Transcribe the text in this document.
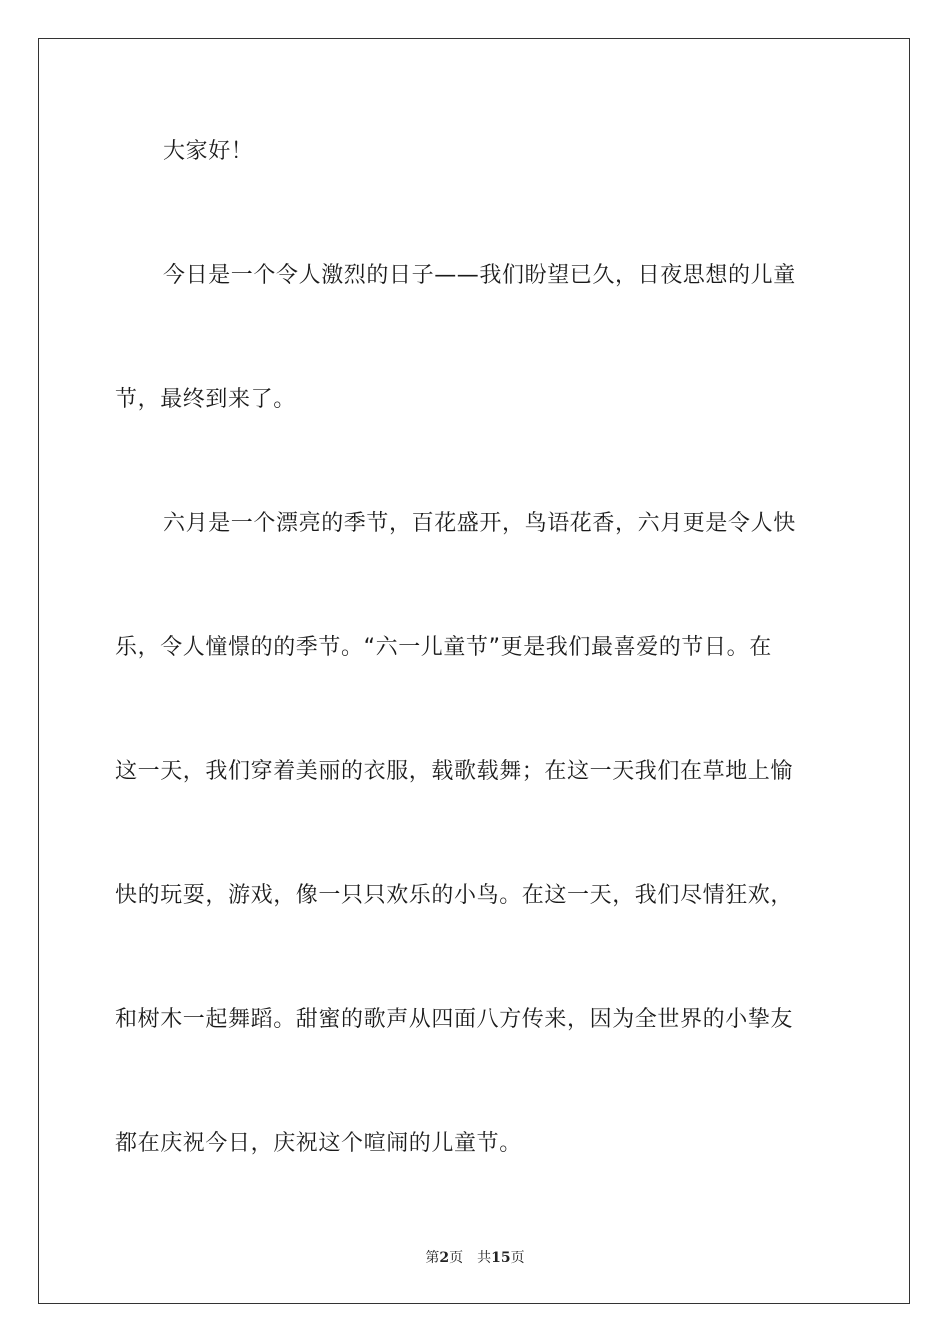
大家好！
今日是一个令人激烈的日子——我们盼望已久，日夜思想的儿童
节，最终到来了。
六月是一个漂亮的季节，百花盛开，鸟语花香，六月更是令人快
乐，令人憧憬的的季节。“六一儿童节”更是我们最喜爱的节日。在
这一天，我们穿着美丽的衣服，载歌载舞；在这一天我们在草地上愉
快的玩耍，游戏，像一只只欢乐的小鸟。在这一天，我们尽情狂欢，
和树木一起舞蹈。甜蜜的歌声从四面八方传来，因为全世界的小挚友
都在庆祝今日，庆祝这个喧闹的儿童节。
第2页 共15页
